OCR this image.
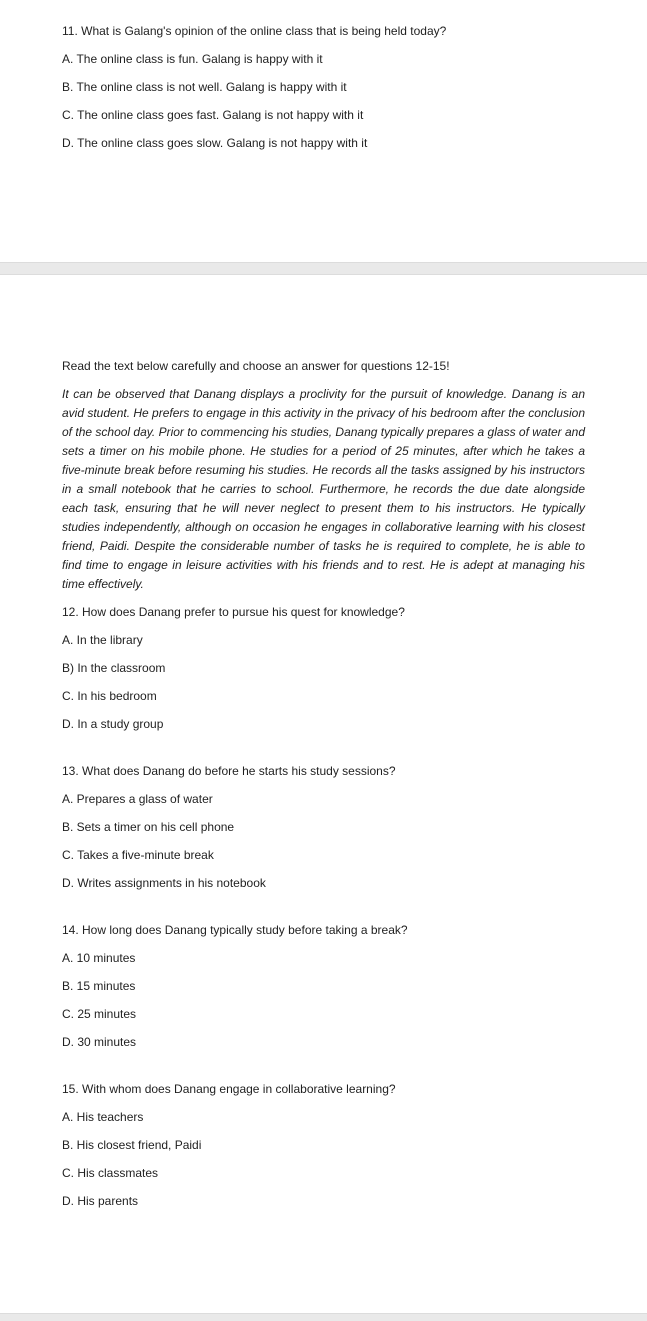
11. What is Galang's opinion of the online class that is being held today?

A. The online class is fun. Galang is happy with it

B. The online class is not well. Galang is happy with it

C. The online class goes fast. Galang is not happy with it

D. The online class goes slow. Galang is not happy with it

Read the text below carefully and choose an answer for questions 12-15!

It can be observed that Danang displays a proclivity for the pursuit of knowledge. Danang is an avid student. He prefers to engage in this activity in the privacy of his bedroom after the conclusion of the school day. Prior to commencing his studies, Danang typically prepares a glass of water and sets a timer on his mobile phone. He studies for a period of 25 minutes, after which he takes a five-minute break before resuming his studies. He records all the tasks assigned by his instructors in a small notebook that he carries to school. Furthermore, he records the due date alongside each task, ensuring that he will never neglect to present them to his instructors. He typically studies independently, although on occasion he engages in collaborative learning with his closest friend, Paidi. Despite the considerable number of tasks he is required to complete, he is able to find time to engage in leisure activities with his friends and to rest. He is adept at managing his time effectively.

12. How does Danang prefer to pursue his quest for knowledge?

A. In the library

B) In the classroom

C. In his bedroom

D. In a study group

13. What does Danang do before he starts his study sessions?

A. Prepares a glass of water

B. Sets a timer on his cell phone

C. Takes a five-minute break

D. Writes assignments in his notebook

14. How long does Danang typically study before taking a break?

A. 10 minutes

B. 15 minutes

C. 25 minutes

D. 30 minutes

15. With whom does Danang engage in collaborative learning?

A. His teachers

B. His closest friend, Paidi

C. His classmates

D. His parents
